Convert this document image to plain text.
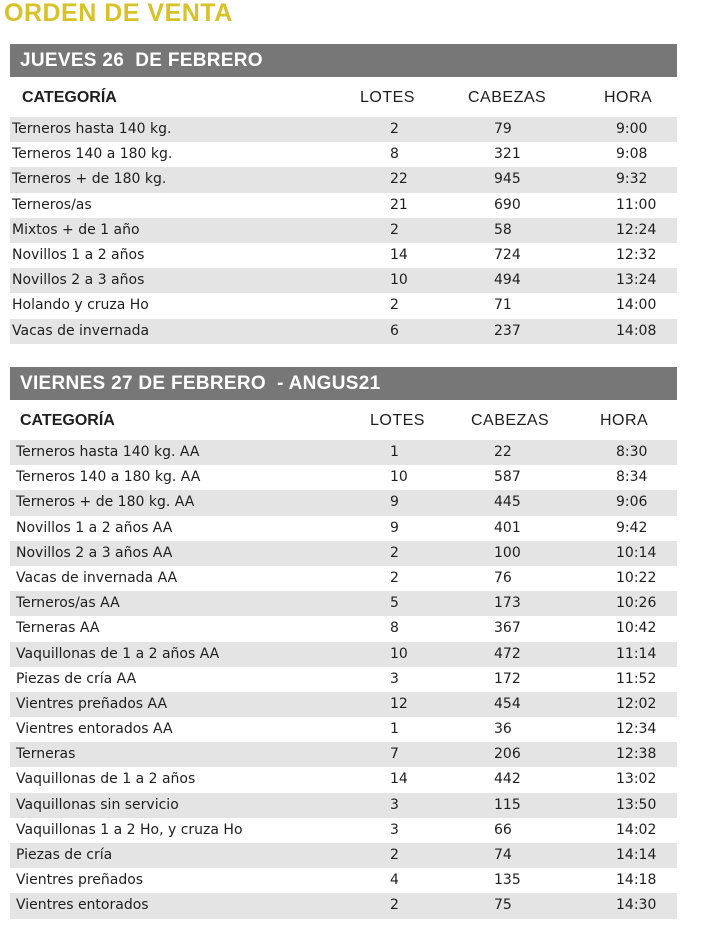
ORDEN DE VENTA
JUEVES 26  DE FEBRERO
CATEGORÍA	LOTES	CABEZAS	HORA
Terneros hasta 140 kg.	2	79	9:00
Terneros 140 a 180 kg.	8	321	9:08
Terneros + de 180 kg.	22	945	9:32
Terneros/as	21	690	11:00
Mixtos + de 1 año	2	58	12:24
Novillos 1 a 2 años	14	724	12:32
Novillos 2 a 3 años	10	494	13:24
Holando y cruza Ho	2	71	14:00
Vacas de invernada	6	237	14:08
VIERNES 27 DE FEBRERO  - ANGUS21
CATEGORÍA	LOTES	CABEZAS	HORA
Terneros hasta 140 kg. AA	1	22	8:30
Terneros 140 a 180 kg. AA	10	587	8:34
Terneros + de 180 kg. AA	9	445	9:06
Novillos 1 a 2 años AA	9	401	9:42
Novillos 2 a 3 años AA	2	100	10:14
Vacas de invernada AA	2	76	10:22
Terneros/as AA	5	173	10:26
Terneras AA	8	367	10:42
Vaquillonas de 1 a 2 años AA	10	472	11:14
Piezas de cría AA	3	172	11:52
Vientres preñados AA	12	454	12:02
Vientres entorados AA	1	36	12:34
Terneras	7	206	12:38
Vaquillonas de 1 a 2 años	14	442	13:02
Vaquillonas sin servicio	3	115	13:50
Vaquillonas 1 a 2 Ho, y cruza Ho	3	66	14:02
Piezas de cría	2	74	14:14
Vientres preñados	4	135	14:18
Vientres entorados	2	75	14:30
